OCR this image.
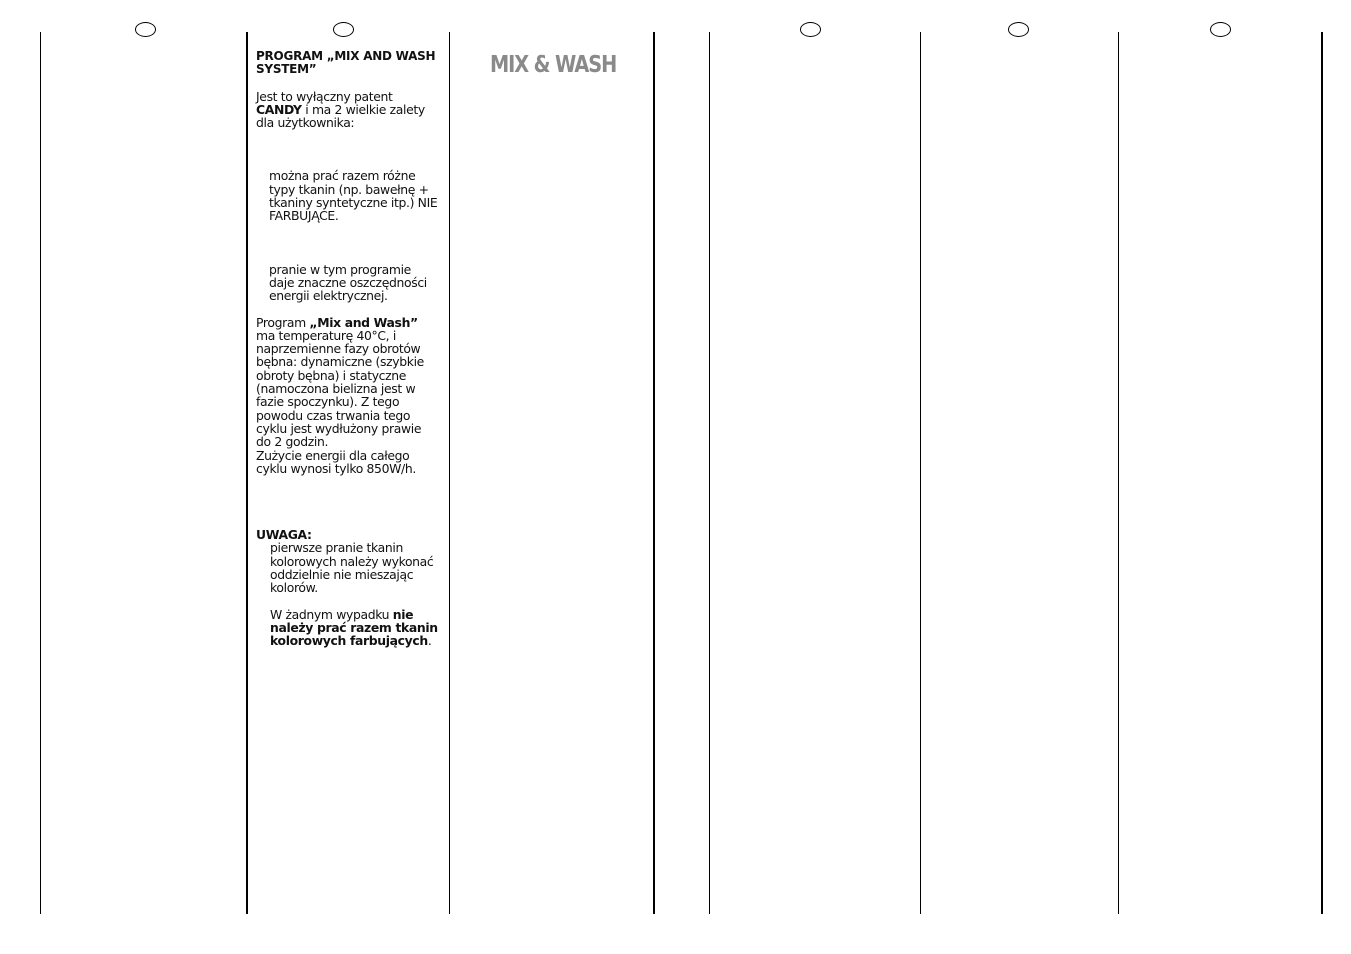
PROGRAM „MIX AND WASH SYSTEM”

Jest to wyłączny patent
CANDY i ma 2 wielkie zalety dla użytkownika:

można prać razem różne typy tkanin (np. bawełnę + tkaniny syntetyczne itp.) NIE FARBUJĄCE.

pranie w tym programie daje znaczne oszczędności energii elektrycznej.

Program „Mix and Wash” ma temperaturę 40°C, i naprzemienne fazy obrotów bębna: dynamiczne (szybkie obroty bębna) i statyczne (namoczona bielizna jest w fazie spoczynku). Z tego powodu czas trwania tego cyklu jest wydłużony prawie do 2 godzin.

Zużycie energii dla całego cyklu wynosi tylko 850W/h.

UWAGA:

pierwsze pranie tkanin kolorowych należy wykonać oddzielnie nie mieszając kolorów.

W żadnym wypadku nie należy prać razem tkanin kolorowych farbujących.

MIX & WASH
